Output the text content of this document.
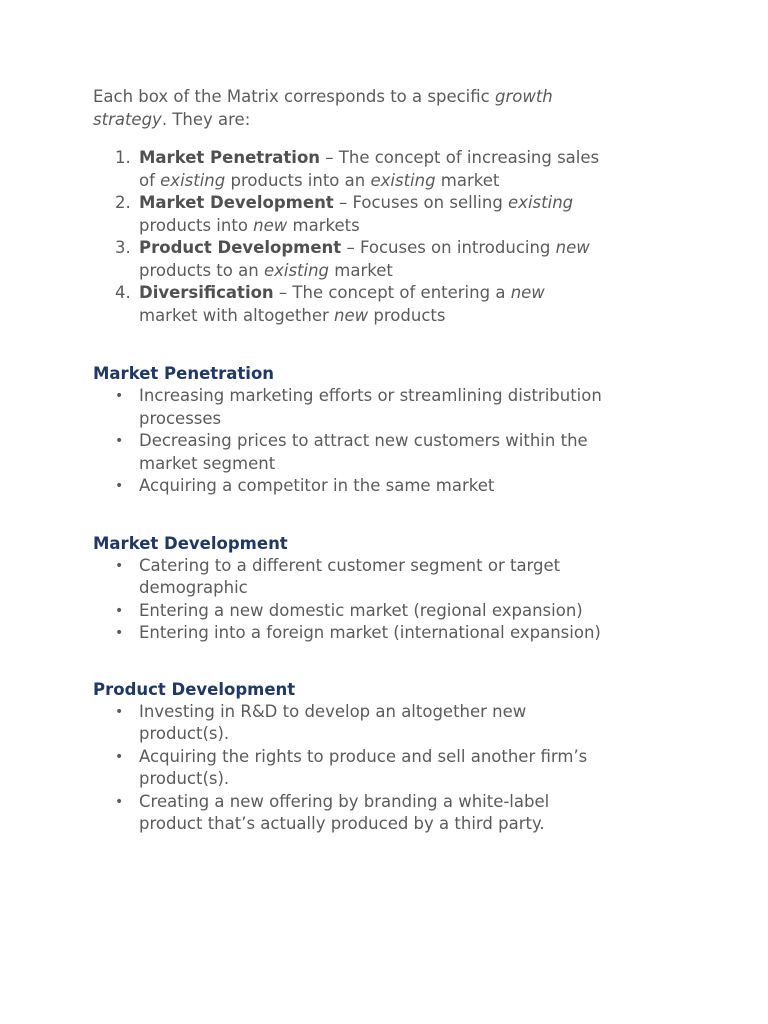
Each box of the Matrix corresponds to a specific growth strategy. They are:

1. Market Penetration – The concept of increasing sales of existing products into an existing market
2. Market Development – Focuses on selling existing products into new markets
3. Product Development – Focuses on introducing new products to an existing market
4. Diversification – The concept of entering a new market with altogether new products
Market Penetration
• Increasing marketing efforts or streamlining distribution processes
• Decreasing prices to attract new customers within the market segment
• Acquiring a competitor in the same market
Market Development
• Catering to a different customer segment or target demographic
• Entering a new domestic market (regional expansion)
• Entering into a foreign market (international expansion)
Product Development
• Investing in R&D to develop an altogether new product(s).
• Acquiring the rights to produce and sell another firm’s product(s).
• Creating a new offering by branding a white-label product that’s actually produced by a third party.
